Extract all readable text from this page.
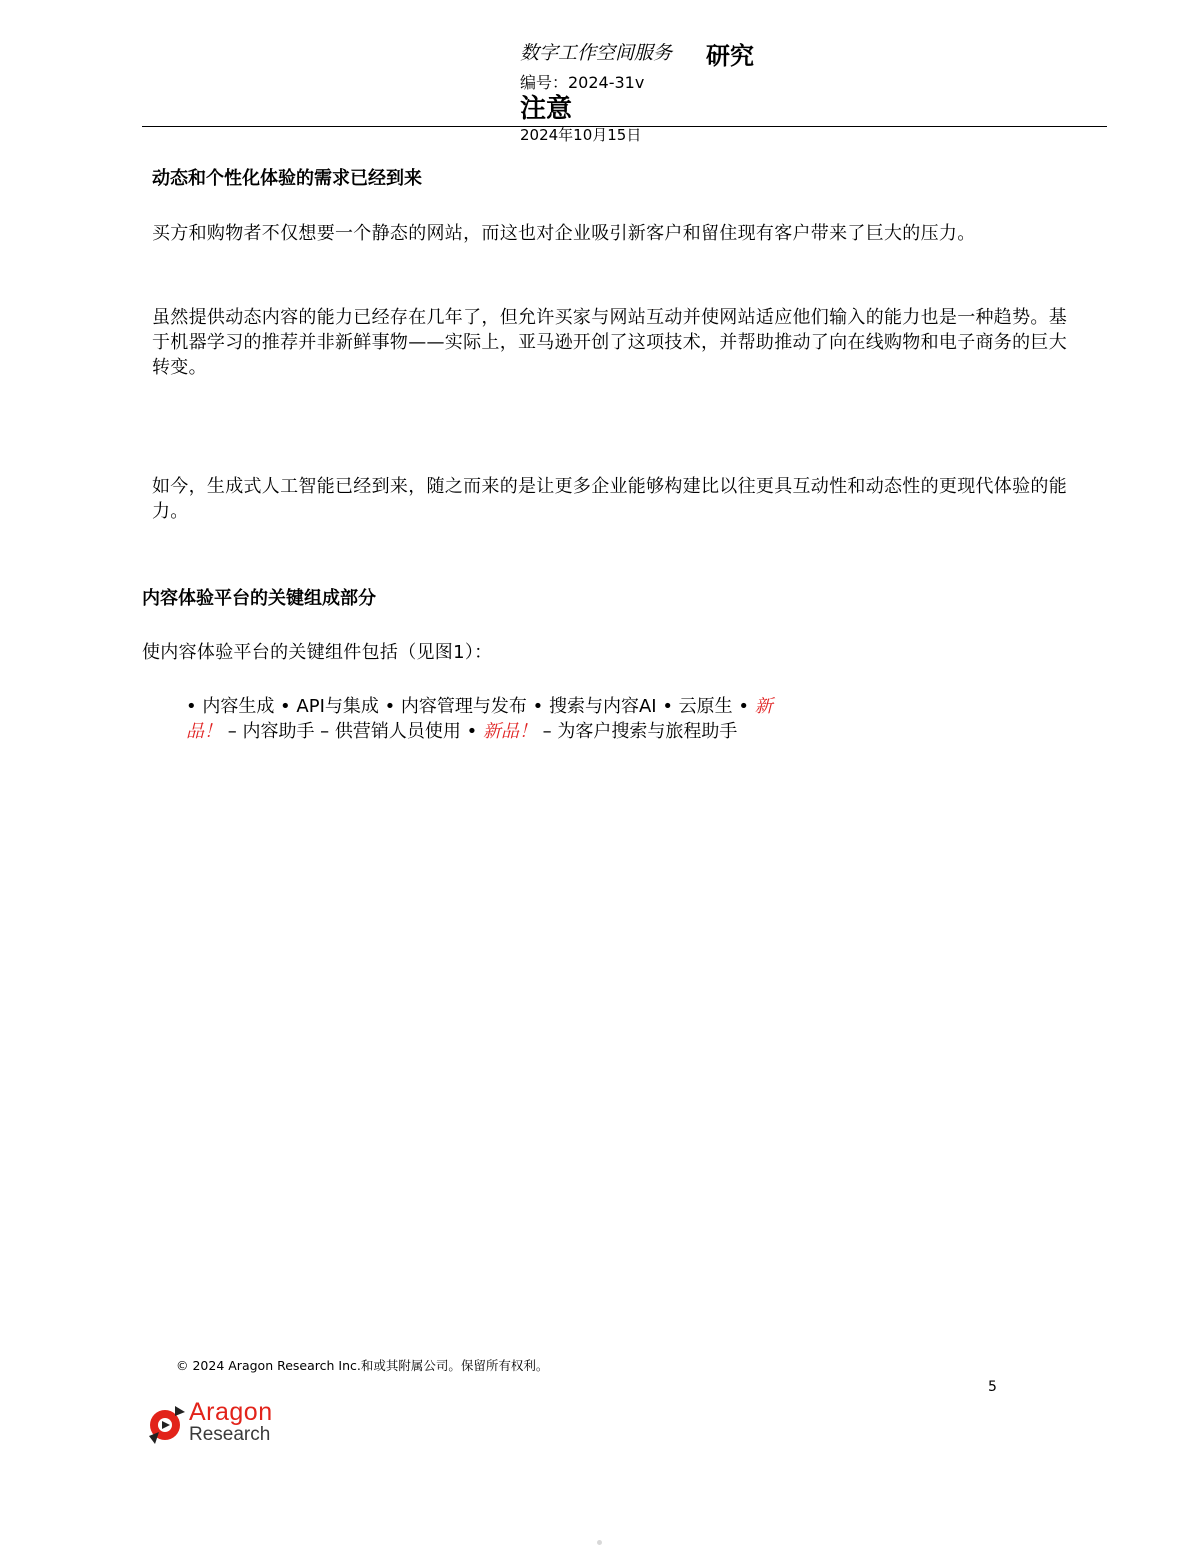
数字工作空间服务 研究
编号：2024-31v
注意
2024年10月15日
动态和个性化体验的需求已经到来
买方和购物者不仅想要一个静态的网站，而这也对企业吸引新客户和留住现有客户带来了巨大的压力。
虽然提供动态内容的能力已经存在几年了，但允许买家与网站互动并使网站适应他们输入的能力也是一种趋势。基于机器学习的推荐并非新鲜事物——实际上，亚马逊开创了这项技术，并帮助推动了向在线购物和电子商务的巨大转变。
如今，生成式人工智能已经到来，随之而来的是让更多企业能够构建比以往更具互动性和动态性的更现代体验的能力。
内容体验平台的关键组成部分
使内容体验平台的关键组件包括（见图1）：
• 内容生成 • API与集成 • 内容管理与发布 • 搜索与内容AI • 云原生 • 新品！ – 内容助手 – 供营销人员使用 • 新品！ – 为客户搜索与旅程助手
© 2024 Aragon Research Inc.和或其附属公司。保留所有权利。
5
Aragon
Research
